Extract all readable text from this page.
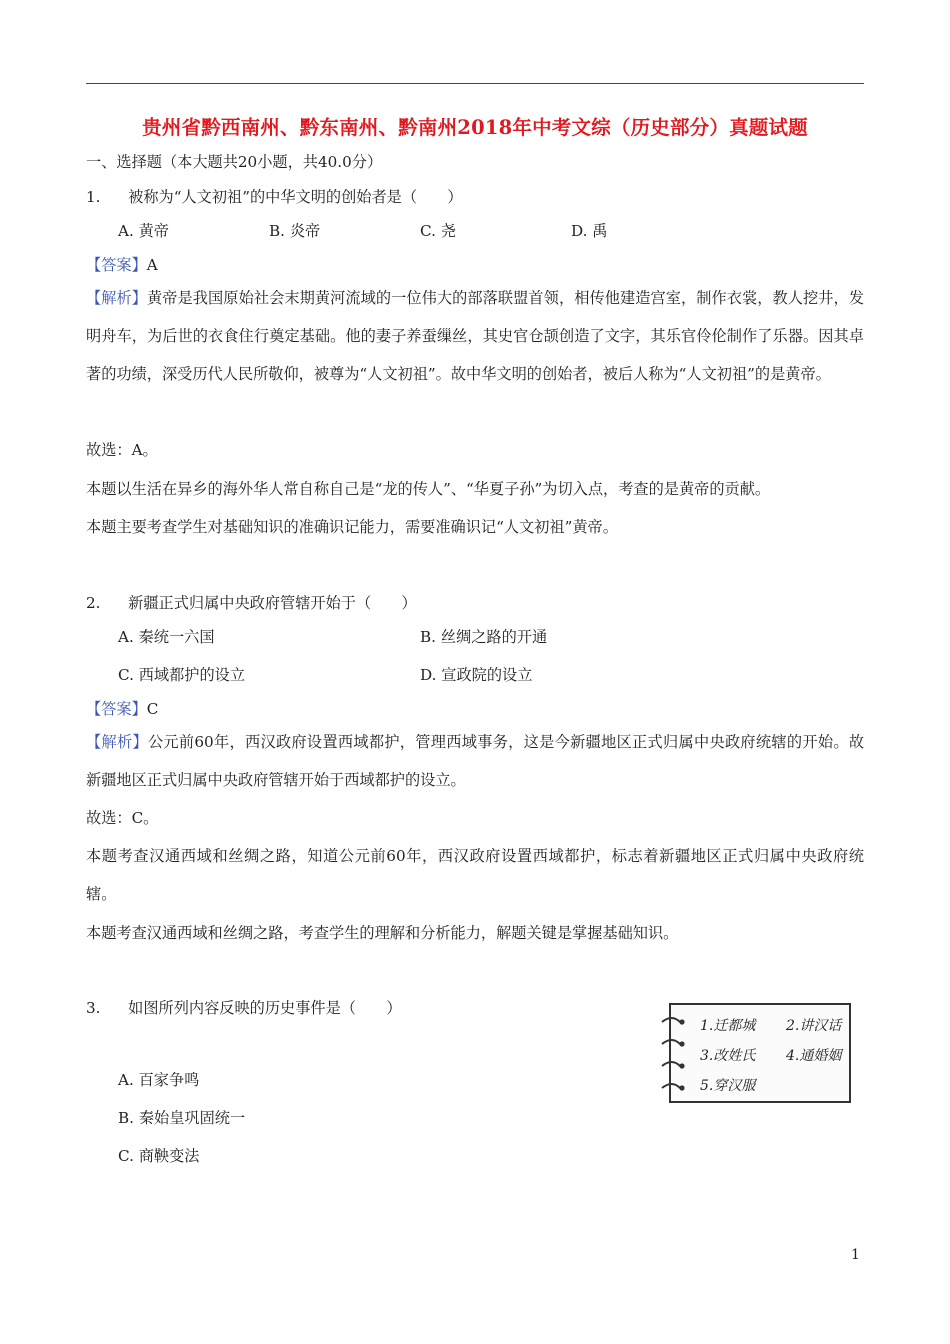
贵州省黔西南州、黔东南州、黔南州2018年中考文综（历史部分）真题试题
一、选择题（本大题共20小题，共40.0分）
1. 被称为“人文初祖”的中华文明的创始者是（　　）
A. 黄帝	B. 炎帝	C. 尧	D. 禹
【答案】A
【解析】黄帝是我国原始社会末期黄河流域的一位伟大的部落联盟首领，相传他建造宫室，制作衣裳，教人挖井，发明舟车，为后世的衣食住行奠定基础。他的妻子养蚕缫丝，其史官仓颉创造了文字，其乐官伶伦制作了乐器。因其卓著的功绩，深受历代人民所敬仰，被尊为“人文初祖”。故中华文明的创始者，被后人称为“人文初祖”的是黄帝。
故选：A。
本题以生活在异乡的海外华人常自称自己是“龙的传人”、“华夏子孙”为切入点，考查的是黄帝的贡献。
本题主要考查学生对基础知识的准确识记能力，需要准确识记“人文初祖”黄帝。
2. 新疆正式归属中央政府管辖开始于（　　）
A. 秦统一六国	B. 丝绸之路的开通
C. 西域都护的设立	D. 宣政院的设立
【答案】C
【解析】公元前60年，西汉政府设置西域都护，管理西域事务，这是今新疆地区正式归属中央政府统辖的开始。故新疆地区正式归属中央政府管辖开始于西域都护的设立。
故选：C。
本题考查汉通西域和丝绸之路，知道公元前60年，西汉政府设置西域都护，标志着新疆地区正式归属中央政府统辖。
本题考查汉通西域和丝绸之路，考查学生的理解和分析能力，解题关键是掌握基础知识。
3. 如图所列内容反映的历史事件是（　　）
A. 百家争鸣
B. 秦始皇巩固统一
C. 商鞅变法
1.迁都城 2.讲汉话
3.改姓氏 4.通婚姻
5.穿汉服
1
